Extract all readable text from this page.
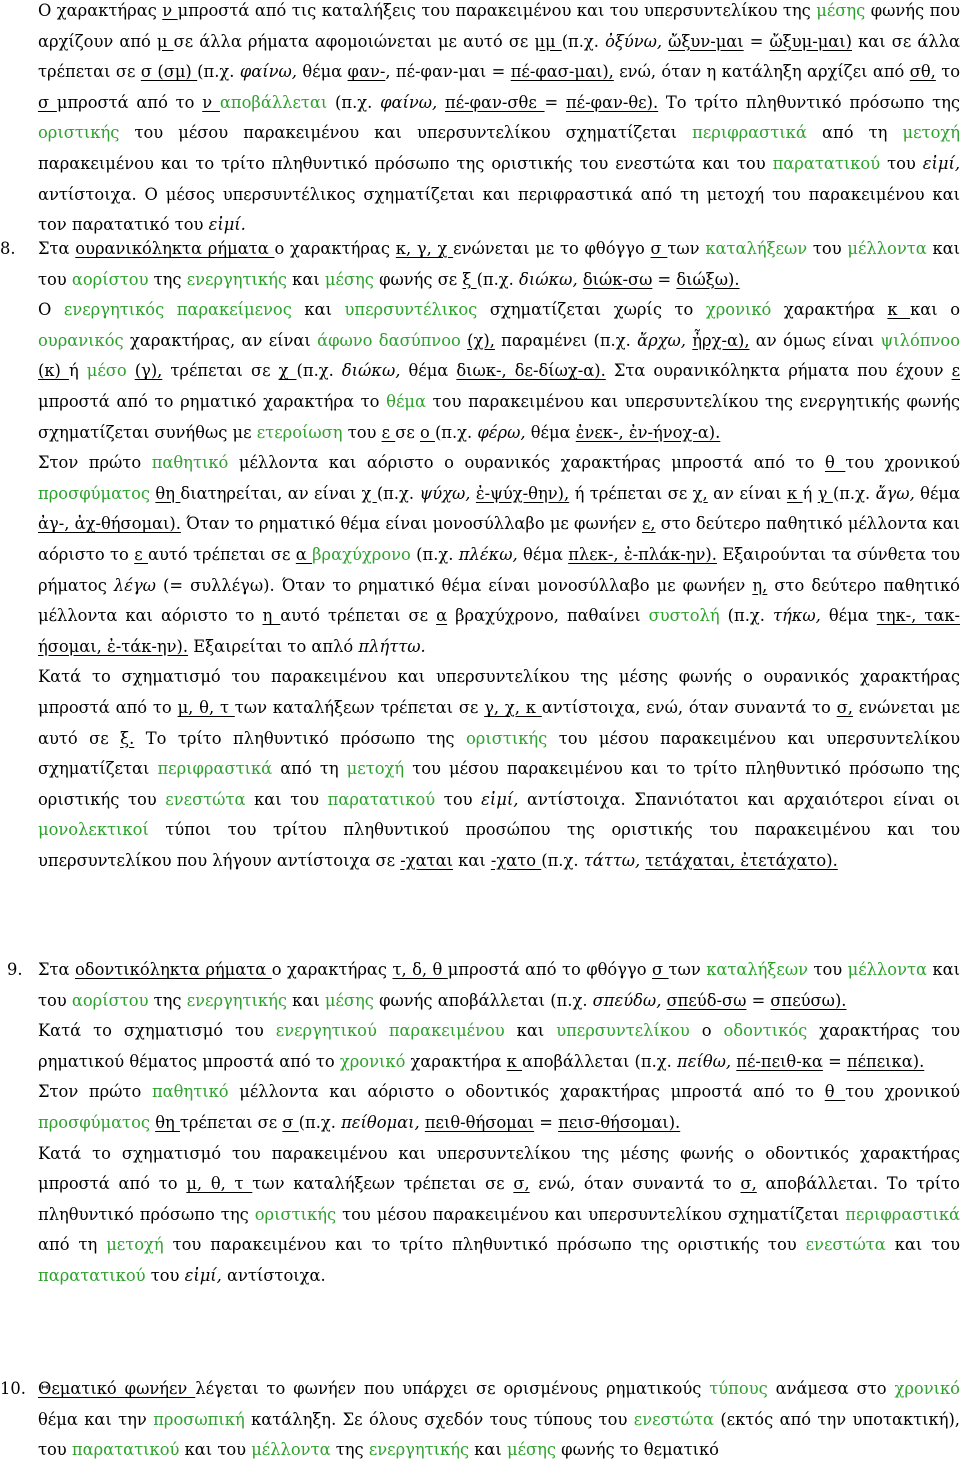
Ο χαρακτήρας ν μπροστά από τις καταλήξεις του παρακειμένου και του υπερσυντελίκου της μέσης φωνής που αρχίζουν από μ σε άλλα ρήματα αφομοιώνεται με αυτό σε μμ (π.χ. ὀξύνω, ὤξυν-μαι = ὤξυμ-μαι) και σε άλλα τρέπεται σε σ (σμ) (π.χ. φαίνω, θέμα φαν-, πέ-φαν-μαι = πέ-φασ-μαι), ενώ, όταν η κατάληξη αρχίζει από σθ, το σ μπροστά από το ν αποβάλλεται (π.χ. φαίνω, πέ-φαν-σθε = πέ-φαν-θε). Το τρίτο πληθυντικό πρόσωπο της οριστικής του μέσου παρακειμένου και υπερσυντελίκου σχηματίζεται περιφραστικά από τη μετοχή παρακειμένου και το τρίτο πληθυντικό πρόσωπο της οριστικής του ενεστώτα και του παρατατικού του εἰμί, αντίστοιχα. Ο μέσος υπερσυντέλικος σχηματίζεται και περιφραστικά από τη μετοχή του παρακειμένου και τον παρατατικό του εἰμί.
8. Στα ουρανικόληκτα ρήματα ο χαρακτήρας κ, γ, χ ενώνεται με το φθόγγο σ των καταλήξεων του μέλλοντα και του αορίστου της ενεργητικής και μέσης φωνής σε ξ (π.χ. διώκω, διώκ-σω = διώξω).
Ο ενεργητικός παρακείμενος και υπερσυντέλικος σχηματίζεται χωρίς το χρονικό χαρακτήρα κ και ο ουρανικός χαρακτήρας, αν είναι άφωνο δασύπνοο (χ), παραμένει (π.χ. ἄρχω, ἦρχ-α), αν όμως είναι ψιλόπνοο (κ) ή μέσο (γ), τρέπεται σε χ (π.χ. διώκω, θέμα διωκ-, δε-δίωχ-α). Στα ουρανικόληκτα ρήματα που έχουν ε μπροστά από το ρηματικό χαρακτήρα το θέμα του παρακειμένου και υπερσυντελίκου της ενεργητικής φωνής σχηματίζεται συνήθως με ετεροίωση του ε σε ο (π.χ. φέρω, θέμα ἐνεκ-, ἐν-ήνοχ-α).
Στον πρώτο παθητικό μέλλοντα και αόριστο ο ουρανικός χαρακτήρας μπροστά από το θ του χρονικού προσφύματος θη διατηρείται, αν είναι χ (π.χ. ψύχω, ἐ-ψύχ-θην), ή τρέπεται σε χ, αν είναι κ ή γ (π.χ. ἄγω, θέμα ἀγ-, ἀχ-θήσομαι). Όταν το ρηματικό θέμα είναι μονοσύλλαβο με φωνήεν ε, στο δεύτερο παθητικό μέλλοντα και αόριστο το ε αυτό τρέπεται σε α βραχύχρονο (π.χ. πλέκω, θέμα πλεκ-, ἐ-πλάκ-ην). Εξαιρούνται τα σύνθετα του ρήματος λέγω (= συλλέγω). Όταν το ρηματικό θέμα είναι μονοσύλλαβο με φωνήεν η, στο δεύτερο παθητικό μέλλοντα και αόριστο το η αυτό τρέπεται σε α βραχύχρονο, παθαίνει συστολή (π.χ. τήκω, θέμα τηκ-, τακ-ήσομαι, ἐ-τάκ-ην). Εξαιρείται το απλό πλήττω.
Κατά το σχηματισμό του παρακειμένου και υπερσυντελίκου της μέσης φωνής ο ουρανικός χαρακτήρας μπροστά από το μ, θ, τ των καταλήξεων τρέπεται σε γ, χ, κ αντίστοιχα, ενώ, όταν συναντά το σ, ενώνεται με αυτό σε ξ. Το τρίτο πληθυντικό πρόσωπο της οριστικής του μέσου παρακειμένου και υπερσυντελίκου σχηματίζεται περιφραστικά από τη μετοχή του μέσου παρακειμένου και το τρίτο πληθυντικό πρόσωπο της οριστικής του ενεστώτα και του παρατατικού του εἰμί, αντίστοιχα. Σπανιότατοι και αρχαιότεροι είναι οι μονολεκτικοί τύποι του τρίτου πληθυντικού προσώπου της οριστικής του παρακειμένου και του υπερσυντελίκου που λήγουν αντίστοιχα σε -χαται και -χατο (π.χ. τάττω, τετάχαται, ἐτετάχατο).
9. Στα οδοντικόληκτα ρήματα ο χαρακτήρας τ, δ, θ μπροστά από το φθόγγο σ των καταλήξεων του μέλλοντα και του αορίστου της ενεργητικής και μέσης φωνής αποβάλλεται (π.χ. σπεύδω, σπεύδ-σω = σπεύσω).
Κατά το σχηματισμό του ενεργητικού παρακειμένου και υπερσυντελίκου ο οδοντικός χαρακτήρας του ρηματικού θέματος μπροστά από το χρονικό χαρακτήρα κ αποβάλλεται (π.χ. πείθω, πέ-πειθ-κα = πέπεικα).
Στον πρώτο παθητικό μέλλοντα και αόριστο ο οδοντικός χαρακτήρας μπροστά από το θ του χρονικού προσφύματος θη τρέπεται σε σ (π.χ. πείθομαι, πειθ-θήσομαι = πεισ-θήσομαι).
Κατά το σχηματισμό του παρακειμένου και υπερσυντελίκου της μέσης φωνής ο οδοντικός χαρακτήρας μπροστά από το μ, θ, τ των καταλήξεων τρέπεται σε σ, ενώ, όταν συναντά το σ, αποβάλλεται. Το τρίτο πληθυντικό πρόσωπο της οριστικής του μέσου παρακειμένου και υπερσυντελίκου σχηματίζεται περιφραστικά από τη μετοχή του παρακειμένου και το τρίτο πληθυντικό πρόσωπο της οριστικής του ενεστώτα και του παρατατικού του εἰμί, αντίστοιχα.
10. Θεματικό φωνήεν λέγεται το φωνήεν που υπάρχει σε ορισμένους ρηματικούς τύπους ανάμεσα στο χρονικό θέμα και την προσωπική κατάληξη. Σε όλους σχεδόν τους τύπους του ενεστώτα (εκτός από την υποτακτική), του παρατατικού και του μέλλοντα της ενεργητικής και μέσης φωνής το θεματικό
